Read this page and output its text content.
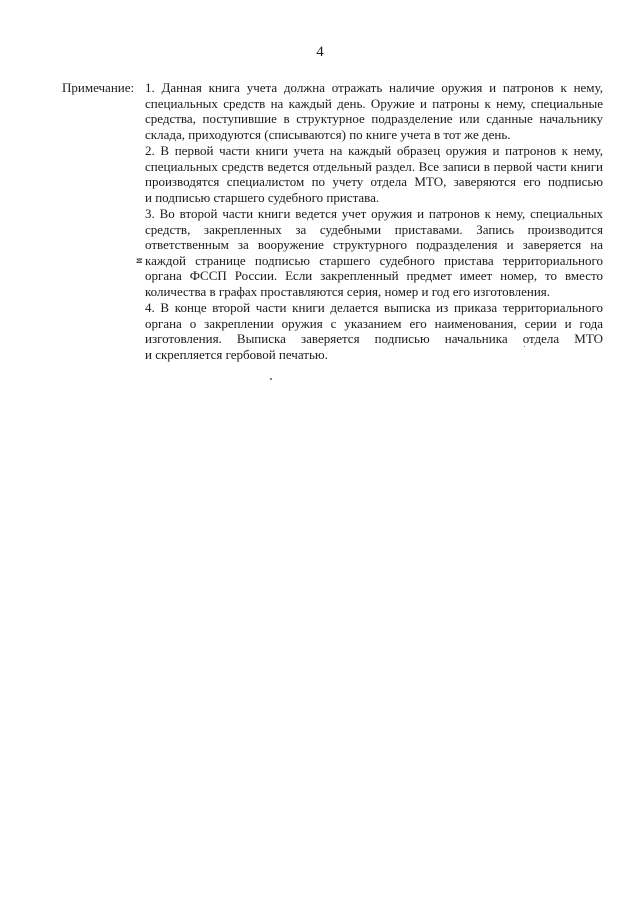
4
Примечание: 1. Данная книга учета должна отражать наличие оружия и патронов к нему,
специальных средств на каждый день. Оружие и патроны к нему, специальные
средства, поступившие в структурное подразделение или сданные начальнику
склада, приходуются (списываются) по книге учета в тот же день.
2. В первой части книги учета на каждый образец оружия и патронов к нему,
специальных средств ведется отдельный раздел. Все записи в первой части книги
производятся специалистом по учету отдела МТО, заверяются его подписью
и подписью старшего судебного пристава.
3. Во второй части книги ведется учет оружия и патронов к нему, специальных
средств, закрепленных за судебными приставами. Запись производится
ответственным за вооружение структурного подразделения и заверяется на
каждой странице подписью старшего судебного пристава территориального
органа ФССП России. Если закрепленный предмет имеет номер, то вместо
количества в графах проставляются серия, номер и год его изготовления.
4. В конце второй части книги делается выписка из приказа территориального
органа о закреплении оружия с указанием его наименования, серии и года
изготовления. Выписка заверяется подписью начальника отдела МТО
и скрепляется гербовой печатью.
ྈ
